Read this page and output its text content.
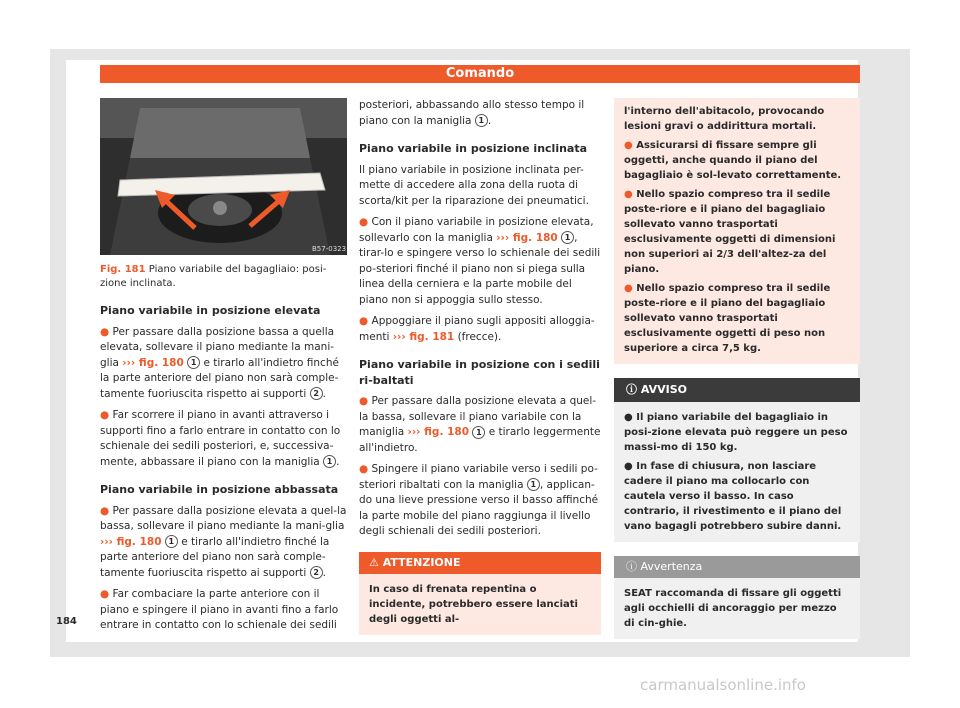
Comando
B57-0323
Fig. 181 Piano variabile del bagagliaio: posi-zione inclinata.
Piano variabile in posizione elevata

● Per passare dalla posizione bassa a quella elevata, sollevare il piano mediante la mani-glia ››› fig. 180 1 e tirarlo all'indietro finché la parte anteriore del piano non sarà comple-tamente fuoriuscita rispetto ai supporti 2 .

● Far scorrere il piano in avanti attraverso i supporti fino a farlo entrare in contatto con lo schienale dei sedili posteriori, e, successiva-mente, abbassare il piano con la maniglia 1 .

Piano variabile in posizione abbassata

● Per passare dalla posizione elevata a quel-la bassa, sollevare il piano mediante la mani-glia ››› fig. 180 1 e tirarlo all'indietro finché la parte anteriore del piano non sarà comple-tamente fuoriuscita rispetto ai supporti 2 .

● Far combaciare la parte anteriore con il piano e spingere il piano in avanti fino a farlo entrare in contatto con lo schienale dei sedili

posteriori, abbassando allo stesso tempo il piano con la maniglia 1 .

Piano variabile in posizione inclinata

Il piano variabile in posizione inclinata per-mette di accedere alla zona della ruota di scorta/kit per la riparazione dei pneumatici.

● Con il piano variabile in posizione elevata, sollevarlo con la maniglia ››› fig. 180 1 , tirar-lo e spingere verso lo schienale dei sedili po-steriori finché il piano non si piega sulla linea della cerniera e la parte mobile del piano non si appoggia sullo stesso.

● Appoggiare il piano sugli appositi alloggia-menti ››› fig. 181 (frecce).

Piano variabile in posizione con i sedili ri-baltati

● Per passare dalla posizione elevata a quel-la bassa, sollevare il piano variabile con la maniglia ››› fig. 180 1 e tirarlo leggermente all'indietro.

● Spingere il piano variabile verso i sedili po-steriori ribaltati con la maniglia 1 , applican-do una lieve pressione verso il basso affinché la parte mobile del piano raggiunga il livello degli schienali dei sedili posteriori.

⚠ ATTENZIONE
In caso di frenata repentina o incidente, potrebbero essere lanciati degli oggetti al-

l'interno dell'abitacolo, provocando lesioni gravi o addirittura mortali.

● Assicurarsi di fissare sempre gli oggetti, anche quando il piano del bagagliaio è sol-levato correttamente.

● Nello spazio compreso tra il sedile poste-riore e il piano del bagagliaio sollevato vanno trasportati esclusivamente oggetti di dimensioni non superiori ai 2/3 dell'altez-za del piano.

● Nello spazio compreso tra il sedile poste-riore e il piano del bagagliaio sollevato vanno trasportati esclusivamente oggetti di peso non superiore a circa 7,5 kg.

ⓘ AVVISO

● Il piano variabile del bagagliaio in posi-zione elevata può reggere un peso massi-mo di 150 kg.

● In fase di chiusura, non lasciare cadere il piano ma collocarlo con cautela verso il basso. In caso contrario, il rivestimento e il piano del vano bagagli potrebbero subire danni.

ⓘ Avvertenza
SEAT raccomanda di fissare gli oggetti agli occhielli di ancoraggio per mezzo di cin-ghie.
184
carmanualsonline.info
